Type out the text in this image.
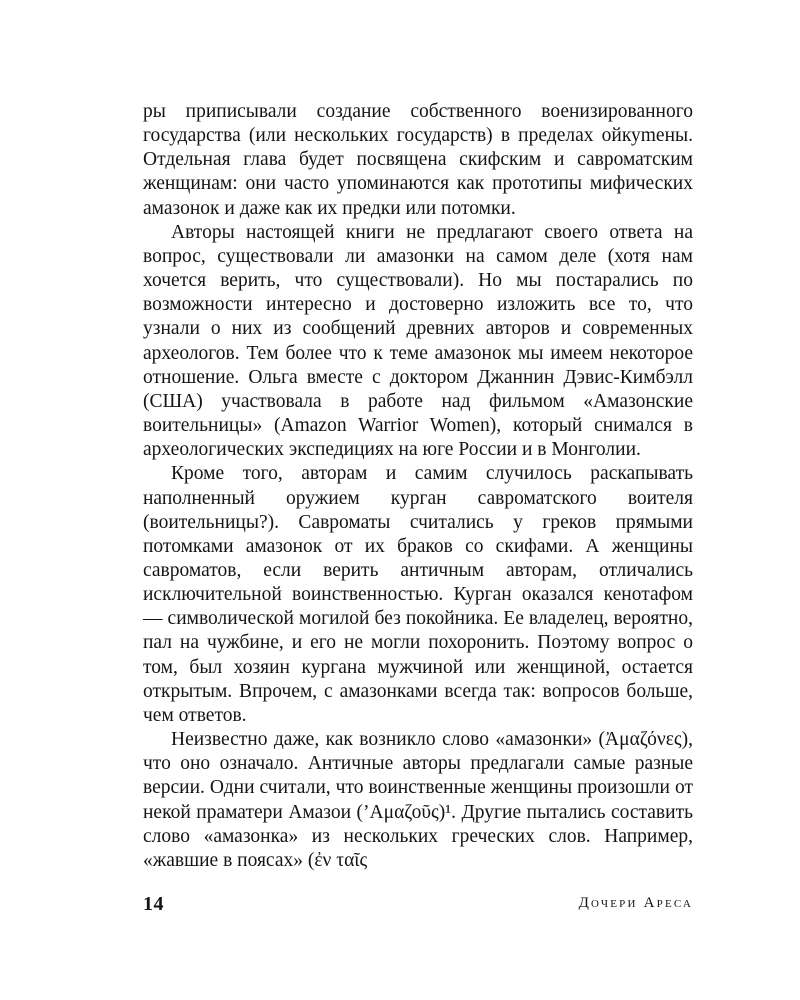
ры приписывали создание собственного военизированного государства (или нескольких государств) в пределах ойкуmены. Отдельная глава будет посвящена скифским и савроматским женщинам: они часто упоминаются как прототипы мифических амазонок и даже как их предки или потомки.

Авторы настоящей книги не предлагают своего ответа на вопрос, существовали ли амазонки на самом деле (хотя нам хочется верить, что существовали). Но мы постарались по возможности интересно и достоверно изложить все то, что узнали о них из сообщений древних авторов и современных археологов. Тем более что к теме амазонок мы имеем некоторое отношение. Ольга вместе с доктором Джаннин Дэвис-Кимбэлл (США) участвовала в работе над фильмом «Амазонские воительницы» (Amazon Warrior Women), который снимался в археологических экспедициях на юге России и в Монголии.

Кроме того, авторам и самим случилось раскапывать наполненный оружием курган савроматского воителя (воительницы?). Савроматы считались у греков прямыми потомками амазонок от их браков со скифами. А женщины савроматов, если верить античным авторам, отличались исключительной воинственностью. Курган оказался кенотафом — символической могилой без покойника. Ее владелец, вероятно, пал на чужбине, и его не могли похоронить. Поэтому вопрос о том, был хозяин кургана мужчиной или женщиной, остается открытым. Впрочем, с амазонками всегда так: вопросов больше, чем ответов.

Неизвестно даже, как возникло слово «амазонки» (Ἀμαζόνες), что оно означало. Античные авторы предлагали самые разные версии. Одни считали, что воинственные женщины произошли от некой праматери Амазои (’Αμαζοῦς)¹. Другие пытались составить слово «амазонка» из нескольких греческих слов. Например, «жавшие в поясах» (ἐν ταῖς

14	Дочери Ареса
